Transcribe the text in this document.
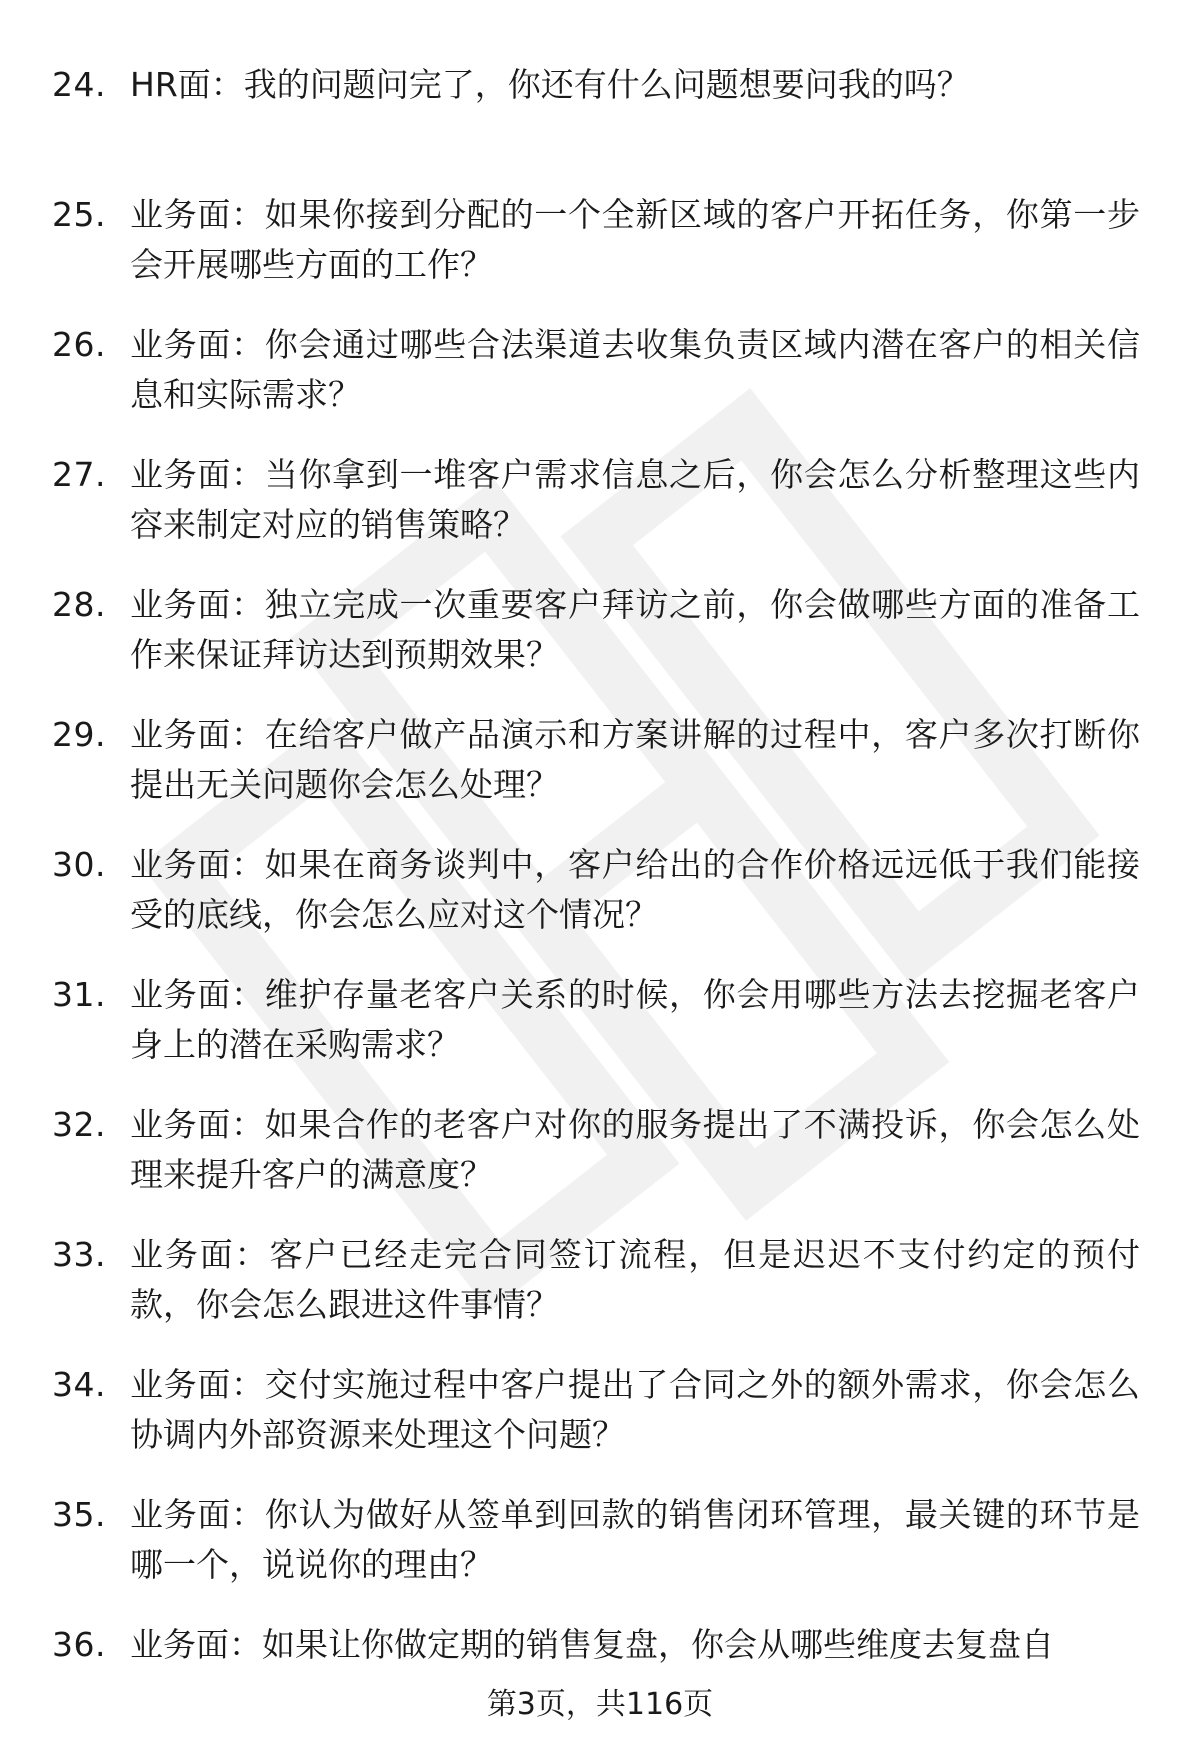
24. HR面：我的问题问完了，你还有什么问题想要问我的吗？
25. 业务面：如果你接到分配的一个全新区域的客户开拓任务，你第一步会开展哪些方面的工作？
26. 业务面：你会通过哪些合法渠道去收集负责区域内潜在客户的相关信息和实际需求？
27. 业务面：当你拿到一堆客户需求信息之后，你会怎么分析整理这些内容来制定对应的销售策略？
28. 业务面：独立完成一次重要客户拜访之前，你会做哪些方面的准备工作来保证拜访达到预期效果？
29. 业务面：在给客户做产品演示和方案讲解的过程中，客户多次打断你提出无关问题你会怎么处理？
30. 业务面：如果在商务谈判中，客户给出的合作价格远远低于我们能接受的底线，你会怎么应对这个情况？
31. 业务面：维护存量老客户关系的时候，你会用哪些方法去挖掘老客户身上的潜在采购需求？
32. 业务面：如果合作的老客户对你的服务提出了不满投诉，你会怎么处理来提升客户的满意度？
33. 业务面：客户已经走完合同签订流程，但是迟迟不支付约定的预付款，你会怎么跟进这件事情？
34. 业务面：交付实施过程中客户提出了合同之外的额外需求，你会怎么协调内外部资源来处理这个问题？
35. 业务面：你认为做好从签单到回款的销售闭环管理，最关键的环节是哪一个，说说你的理由？
36. 业务面：如果让你做定期的销售复盘，你会从哪些维度去复盘自
第3页，共116页
